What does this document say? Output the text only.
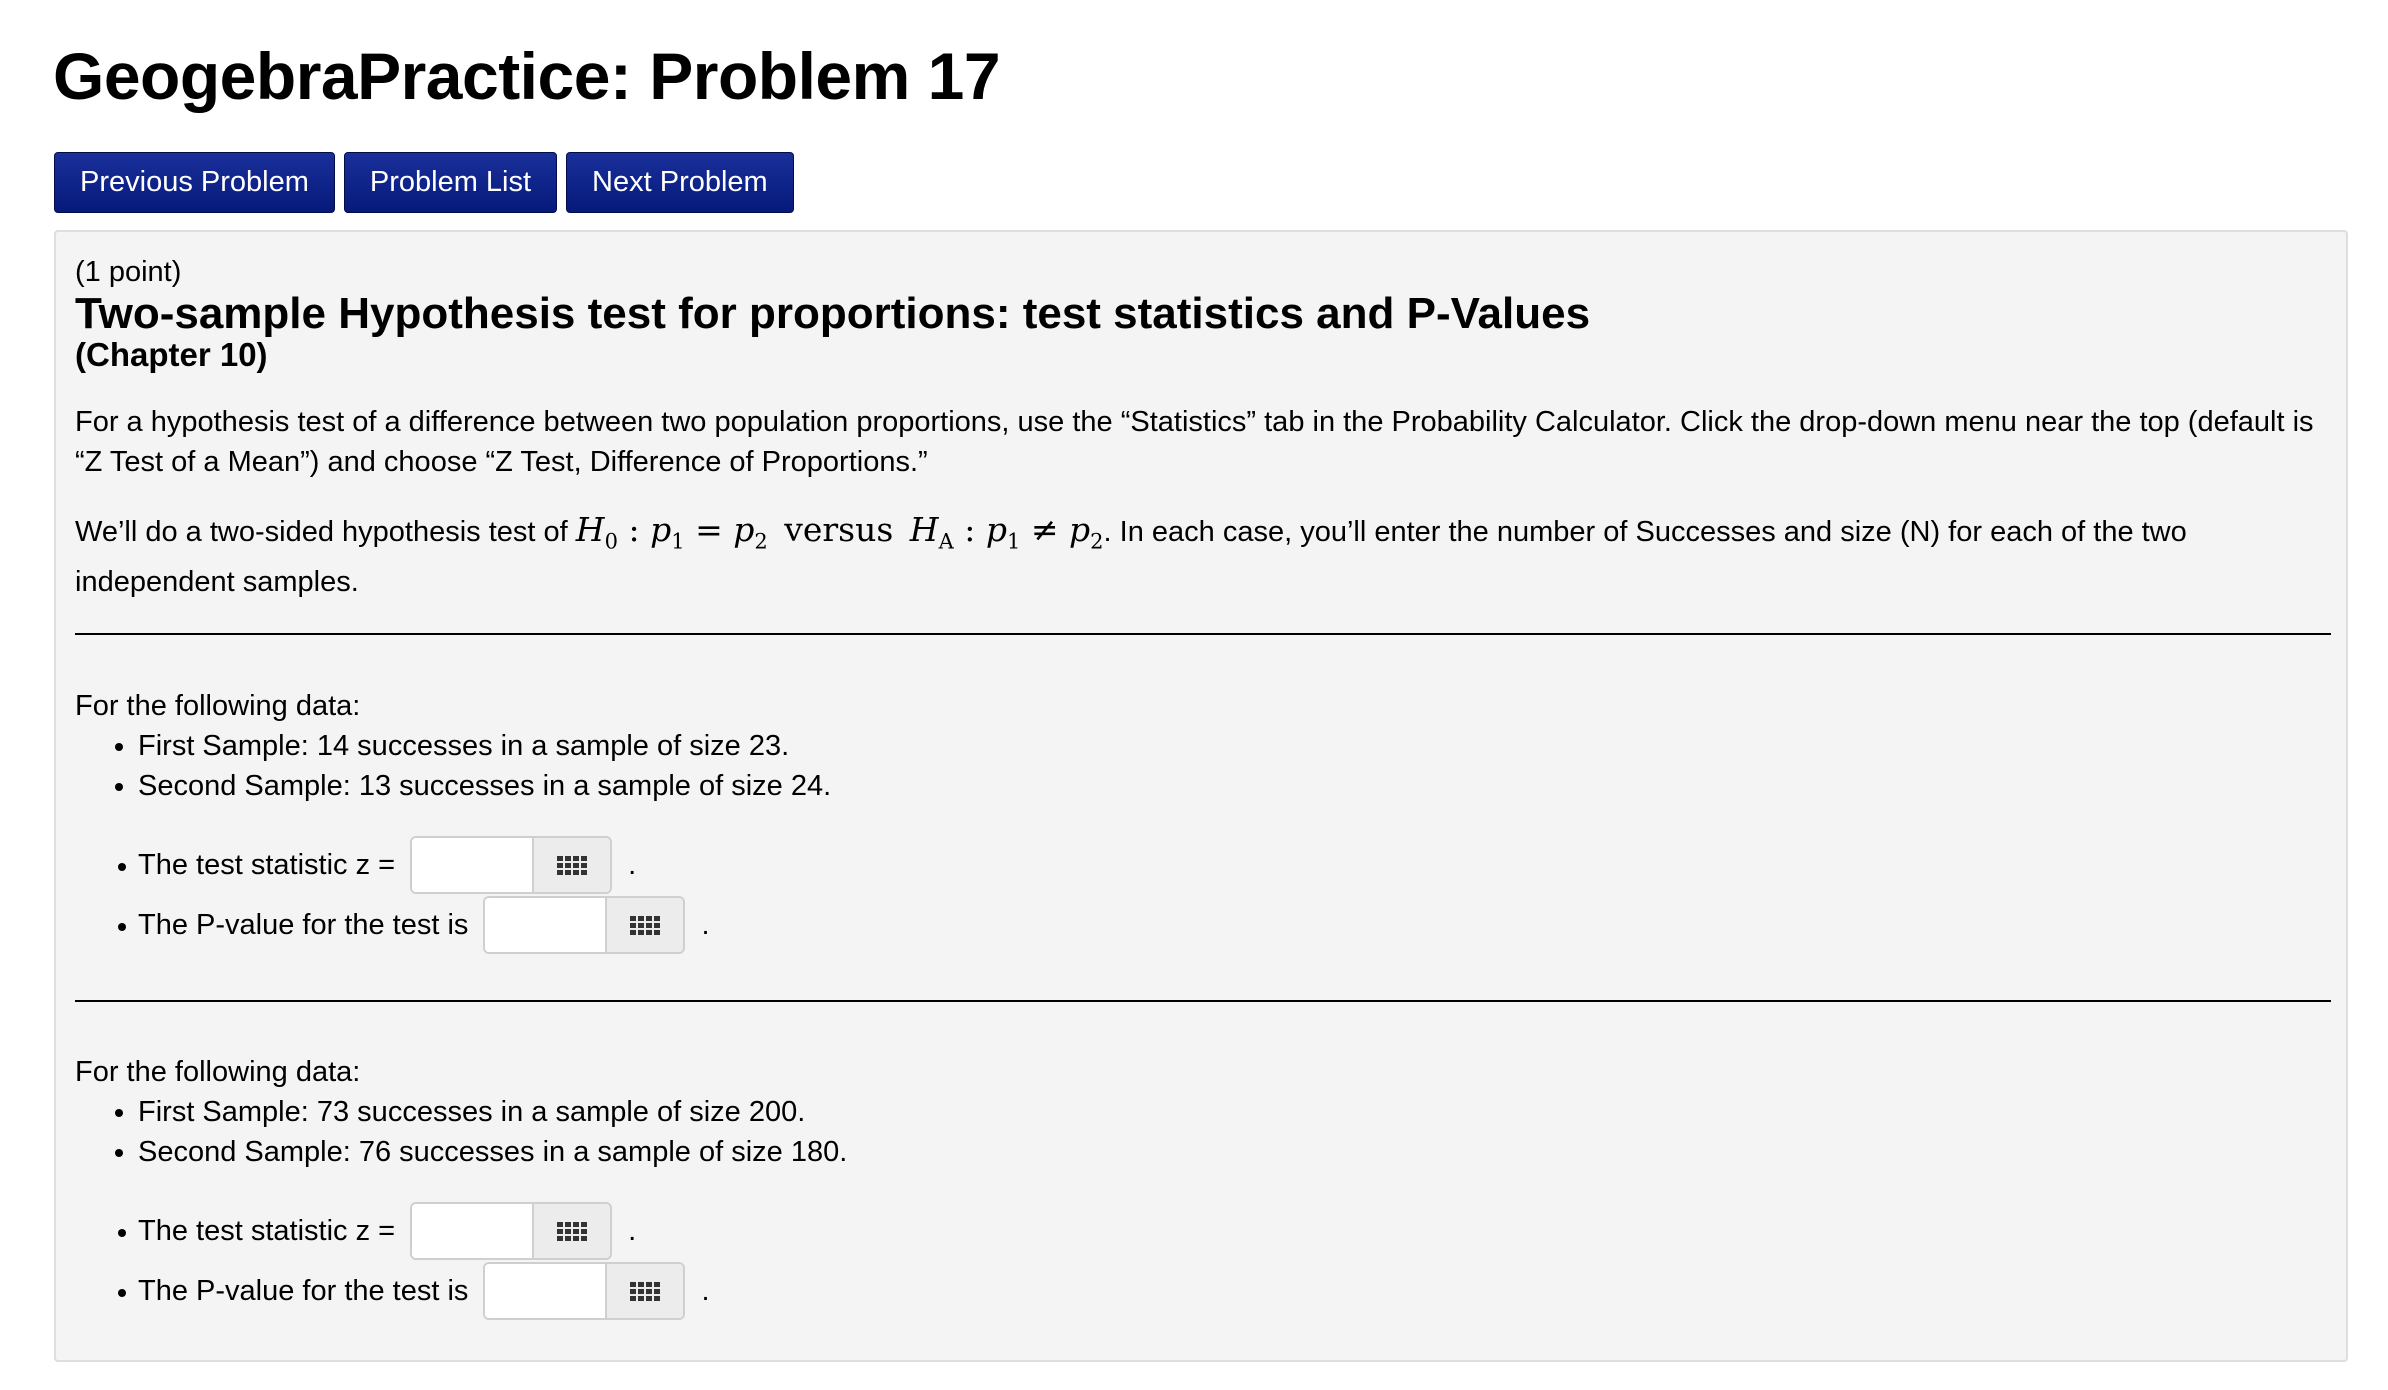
GeogebraPractice: Problem 17
Previous Problem	Problem List	Next Problem
(1 point)
Two-sample Hypothesis test for proportions: test statistics and P-Values
(Chapter 10)

For a hypothesis test of a difference between two population proportions, use the “Statistics” tab in the Probability Calculator. Click the drop-down menu near the top (default is “Z Test of a Mean”) and choose “Z Test, Difference of Proportions.”

We’ll do a two-sided hypothesis test of $H_0$ : $p_1 = p_2$ versus $H_A$ : $p_1 \ne p_2$. In each case, you’ll enter the number of Successes and size (N) for each of the two independent samples.

For the following data:
• First Sample: 14 successes in a sample of size 23.
• Second Sample: 13 successes in a sample of size 24.
The test statistic z =	.
The P-value for the test is	.
For the following data:
• First Sample: 73 successes in a sample of size 200.
• Second Sample: 76 successes in a sample of size 180.
The test statistic z =	.
The P-value for the test is	.
